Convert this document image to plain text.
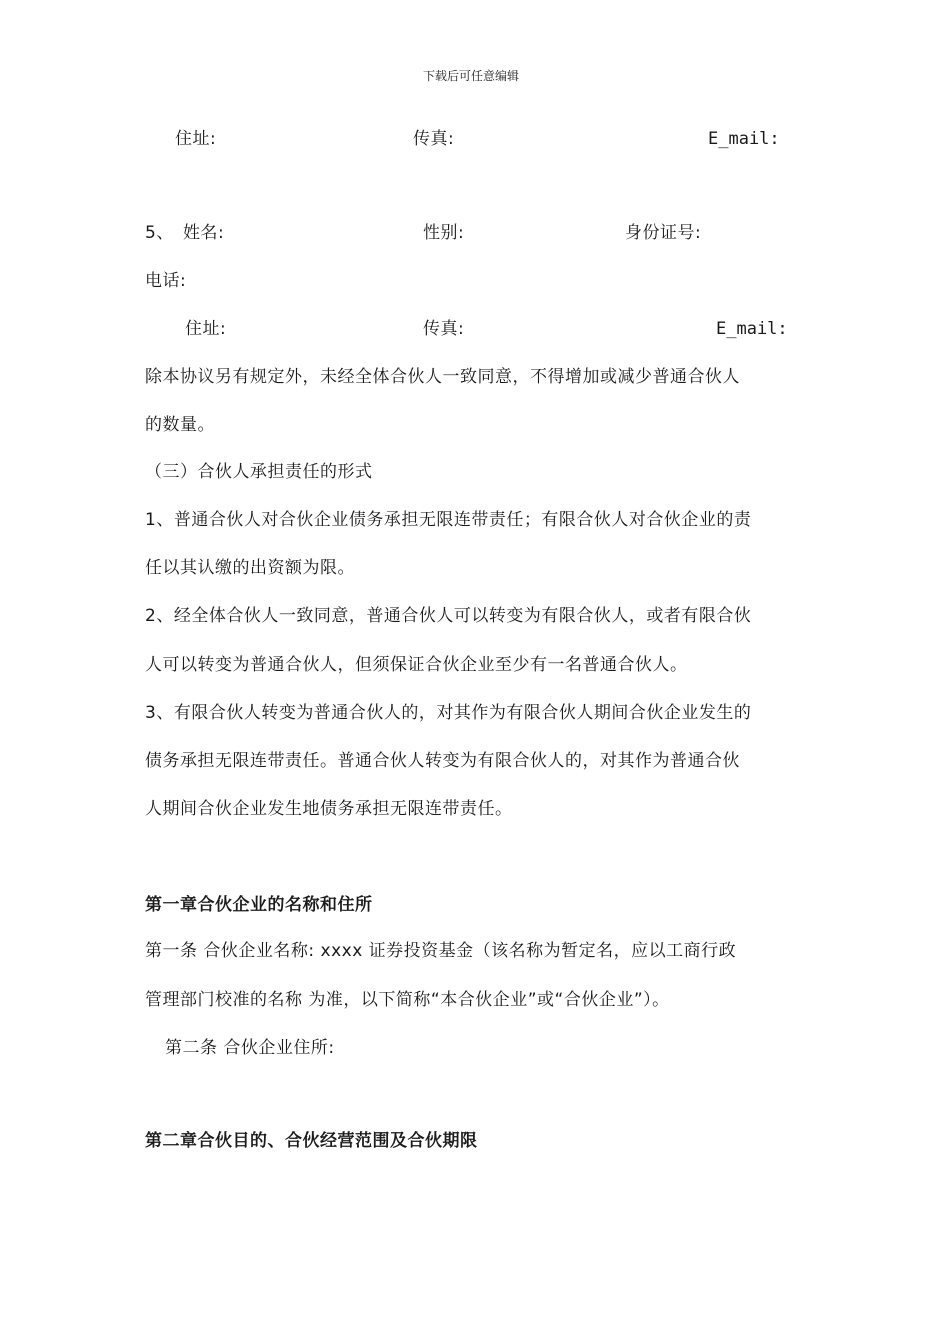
下载后可任意编辑
住址:	传真:	E_mail:
5、 姓名:	性别:	身份证号:
电话:
住址:	传真:	E_mail:
除本协议另有规定外，未经全体合伙人一致同意，不得增加或减少普通合伙人
的数量。
（三）合伙人承担责任的形式
1、普通合伙人对合伙企业债务承担无限连带责任；有限合伙人对合伙企业的责
任以其认缴的出资额为限。
2、经全体合伙人一致同意，普通合伙人可以转变为有限合伙人，或者有限合伙
人可以转变为普通合伙人，但须保证合伙企业至少有一名普通合伙人。
3、有限合伙人转变为普通合伙人的，对其作为有限合伙人期间合伙企业发生的
债务承担无限连带责任。普通合伙人转变为有限合伙人的，对其作为普通合伙
人期间合伙企业发生地债务承担无限连带责任。
第一章合伙企业的名称和住所
第一条 合伙企业名称: xxxx 证券投资基金（该名称为暂定名，应以工商行政
管理部门校准的名称 为准，以下简称“本合伙企业”或“合伙企业”）。
第二条 合伙企业住所:
第二章合伙目的、合伙经营范围及合伙期限
